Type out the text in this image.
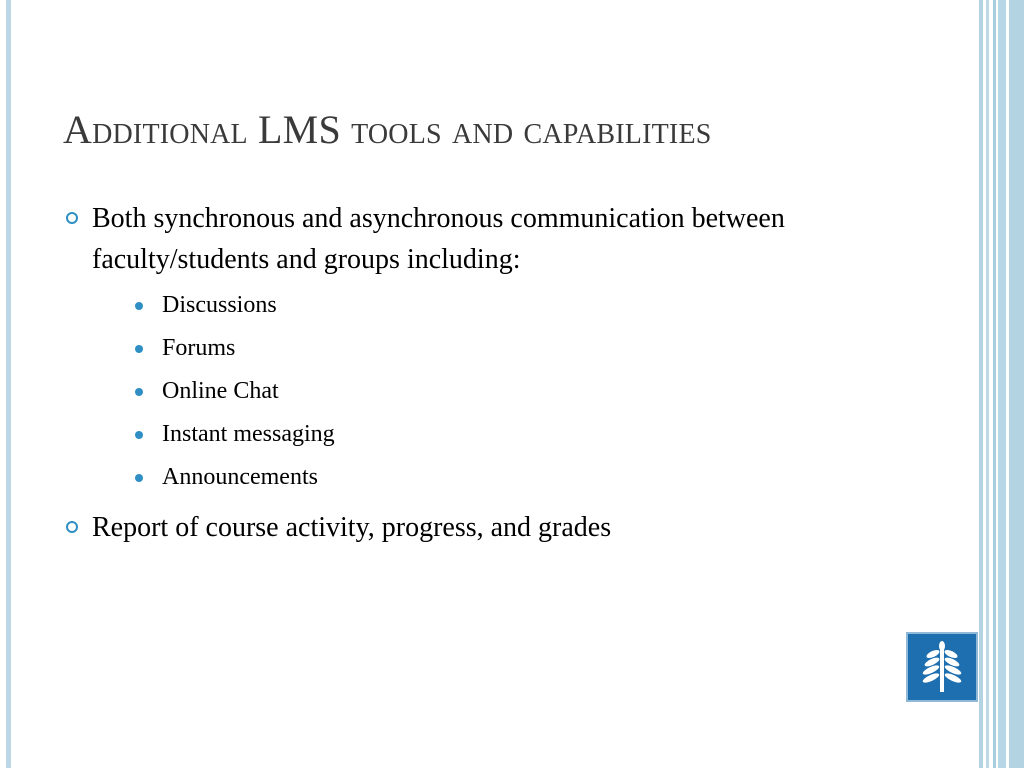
Additional LMS tools and capabilities
Both synchronous and asynchronous communication between faculty/students and groups including:
Discussions
Forums
Online Chat
Instant messaging
Announcements
Report of course activity, progress, and grades
